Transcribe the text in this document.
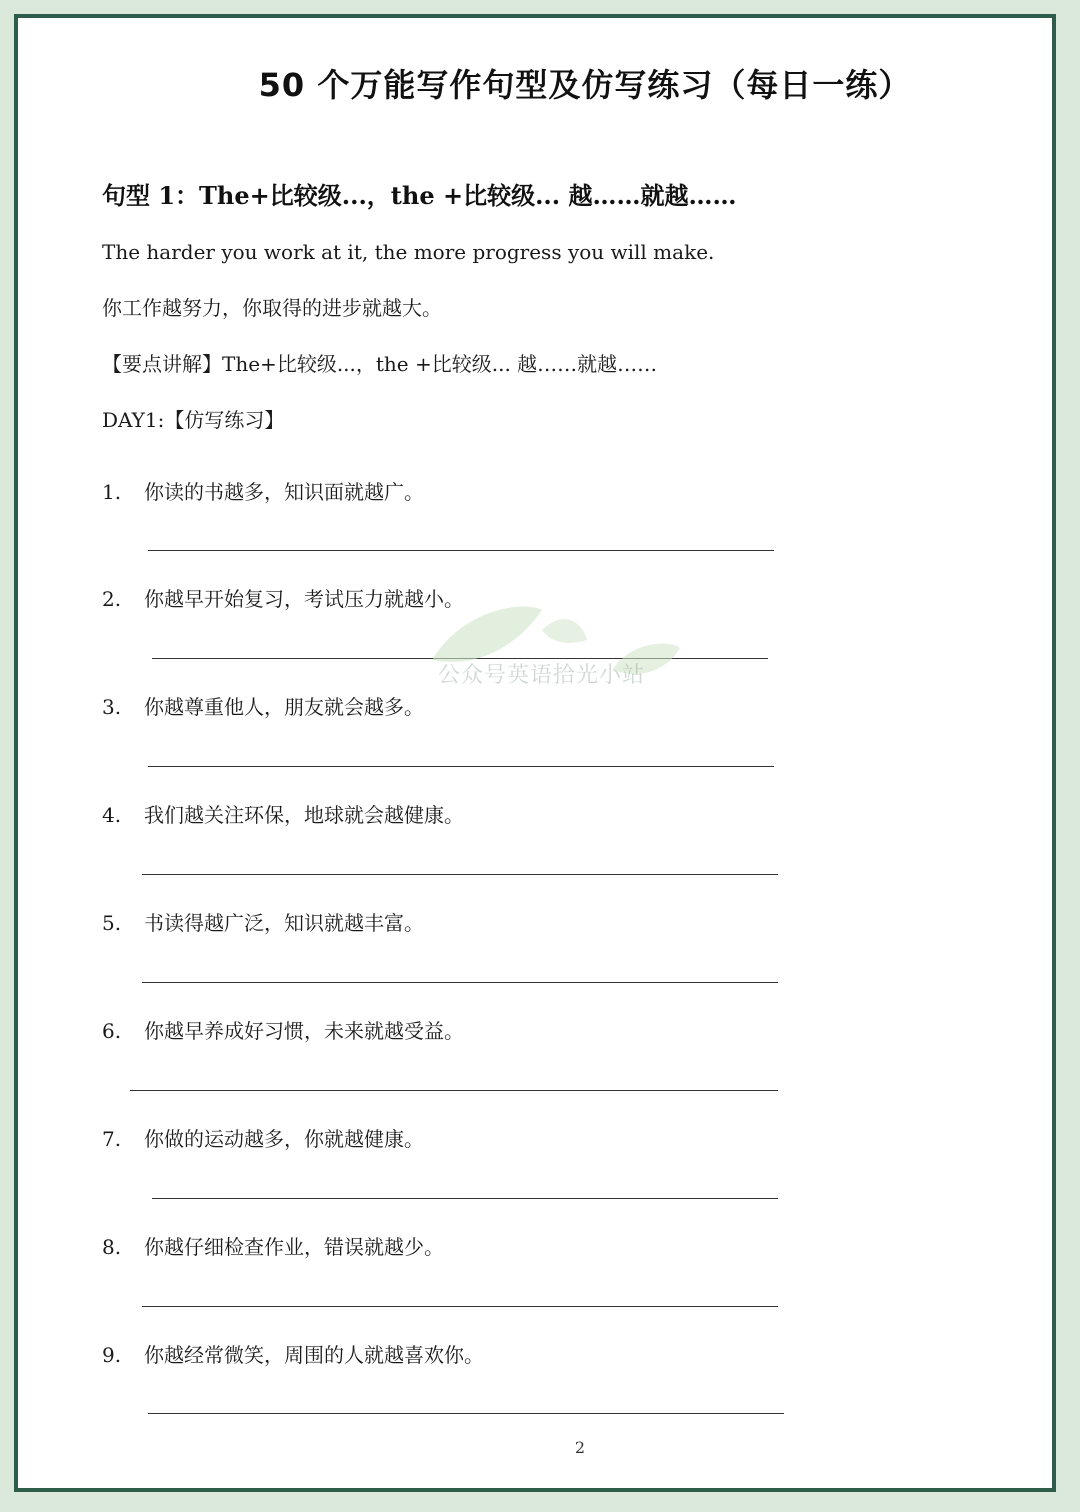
50 个万能写作句型及仿写练习（每日一练）
句型 1：The+比较级...，the +比较级... 越……就越……
The harder you work at it, the more progress you will make.
你工作越努力，你取得的进步就越大。
【要点讲解】The+比较级...，the +比较级... 越……就越……
DAY1:【仿写练习】
1. 你读的书越多，知识面就越广。
2. 你越早开始复习，考试压力就越小。
3. 你越尊重他人，朋友就会越多。
4. 我们越关注环保，地球就会越健康。
5. 书读得越广泛，知识就越丰富。
6. 你越早养成好习惯，未来就越受益。
7. 你做的运动越多，你就越健康。
8. 你越仔细检查作业，错误就越少。
9. 你越经常微笑，周围的人就越喜欢你。
公众号英语拾光小站
2
